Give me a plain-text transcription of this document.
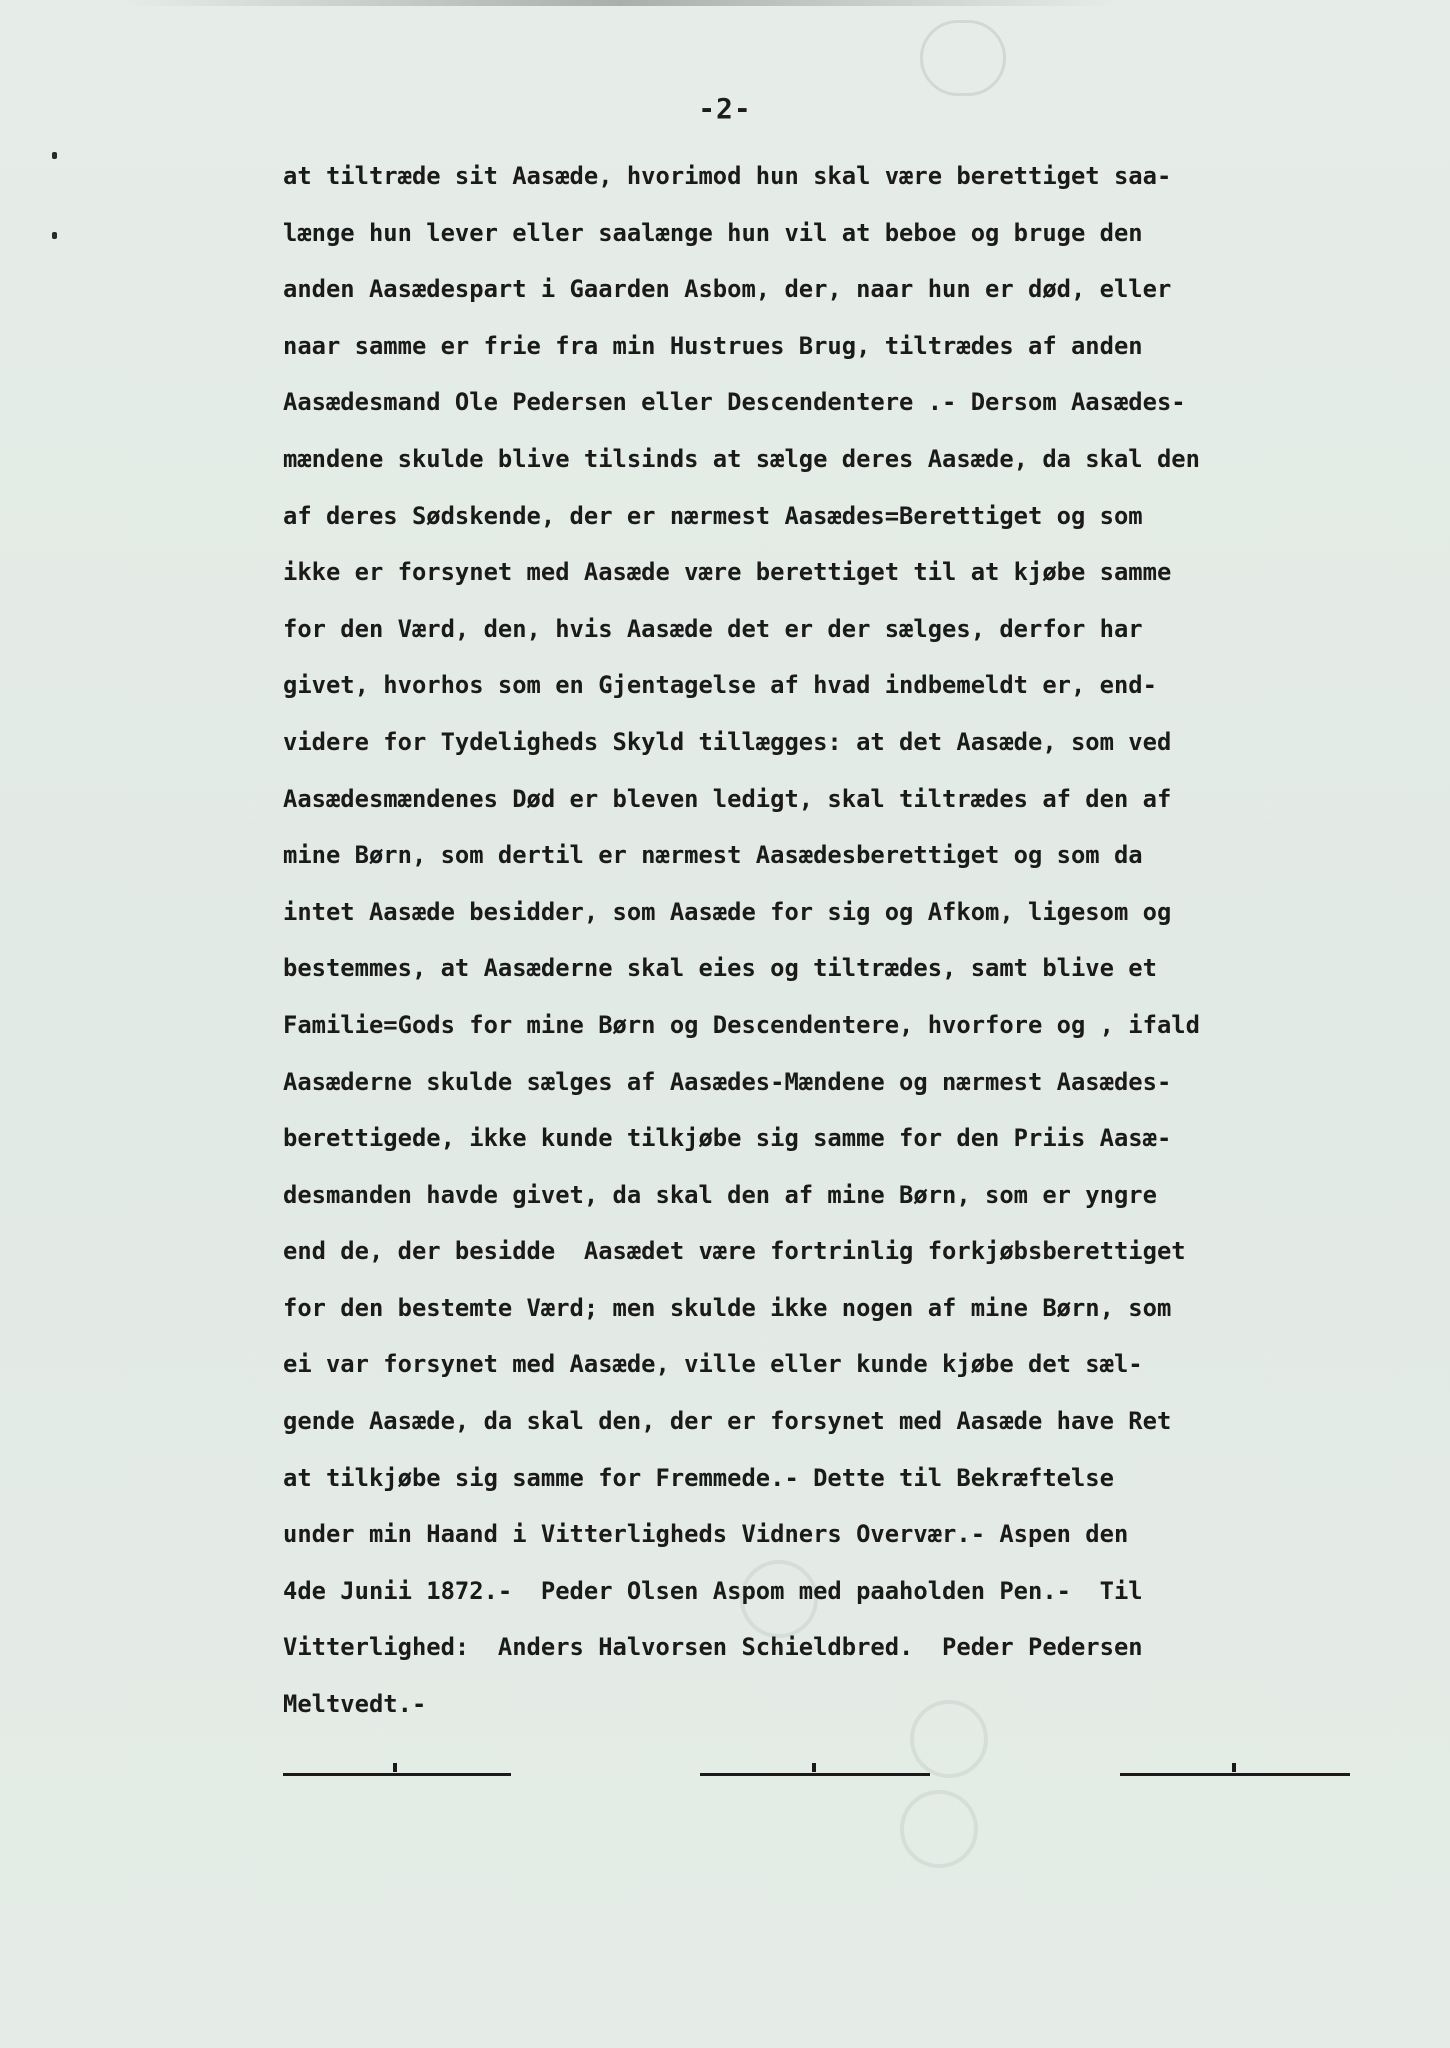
-2-
at tiltræde sit Aasæde, hvorimod hun skal være berettiget saa-
længe hun lever eller saalænge hun vil at beboe og bruge den
anden Aasædespart i Gaarden Asbom, der, naar hun er død, eller
naar samme er frie fra min Hustrues Brug, tiltrædes af anden
Aasædesmand Ole Pedersen eller Descendentere .- Dersom Aasædes-
mændene skulde blive tilsinds at sælge deres Aasæde, da skal den
af deres Sødskende, der er nærmest Aasædes=Berettiget og som
ikke er forsynet med Aasæde være berettiget til at kjøbe samme
for den Værd, den, hvis Aasæde det er der sælges, derfor har
givet, hvorhos som en Gjentagelse af hvad indbemeldt er, end-
videre for Tydeligheds Skyld tillægges: at det Aasæde, som ved
Aasædesmændenes Død er bleven ledigt, skal tiltrædes af den af
mine Børn, som dertil er nærmest Aasædesberettiget og som da
intet Aasæde besidder, som Aasæde for sig og Afkom, ligesom og
bestemmes, at Aasæderne skal eies og tiltrædes, samt blive et
Familie=Gods for mine Børn og Descendentere, hvorfore og , ifald
Aasæderne skulde sælges af Aasædes-Mændene og nærmest Aasædes-
berettigede, ikke kunde tilkjøbe sig samme for den Priis Aasæ-
desmanden havde givet, da skal den af mine Børn, som er yngre
end de, der besidde  Aasædet være fortrinlig forkjøbsberettiget
for den bestemte Værd; men skulde ikke nogen af mine Børn, som
ei var forsynet med Aasæde, ville eller kunde kjøbe det sæl-
gende Aasæde, da skal den, der er forsynet med Aasæde have Ret
at tilkjøbe sig samme for Fremmede.- Dette til Bekræftelse
under min Haand i Vitterligheds Vidners Overvær.- Aspen den
4de Junii 1872.-  Peder Olsen Aspom med paaholden Pen.-  Til
Vitterlighed:  Anders Halvorsen Schieldbred.  Peder Pedersen
Meltvedt.-
